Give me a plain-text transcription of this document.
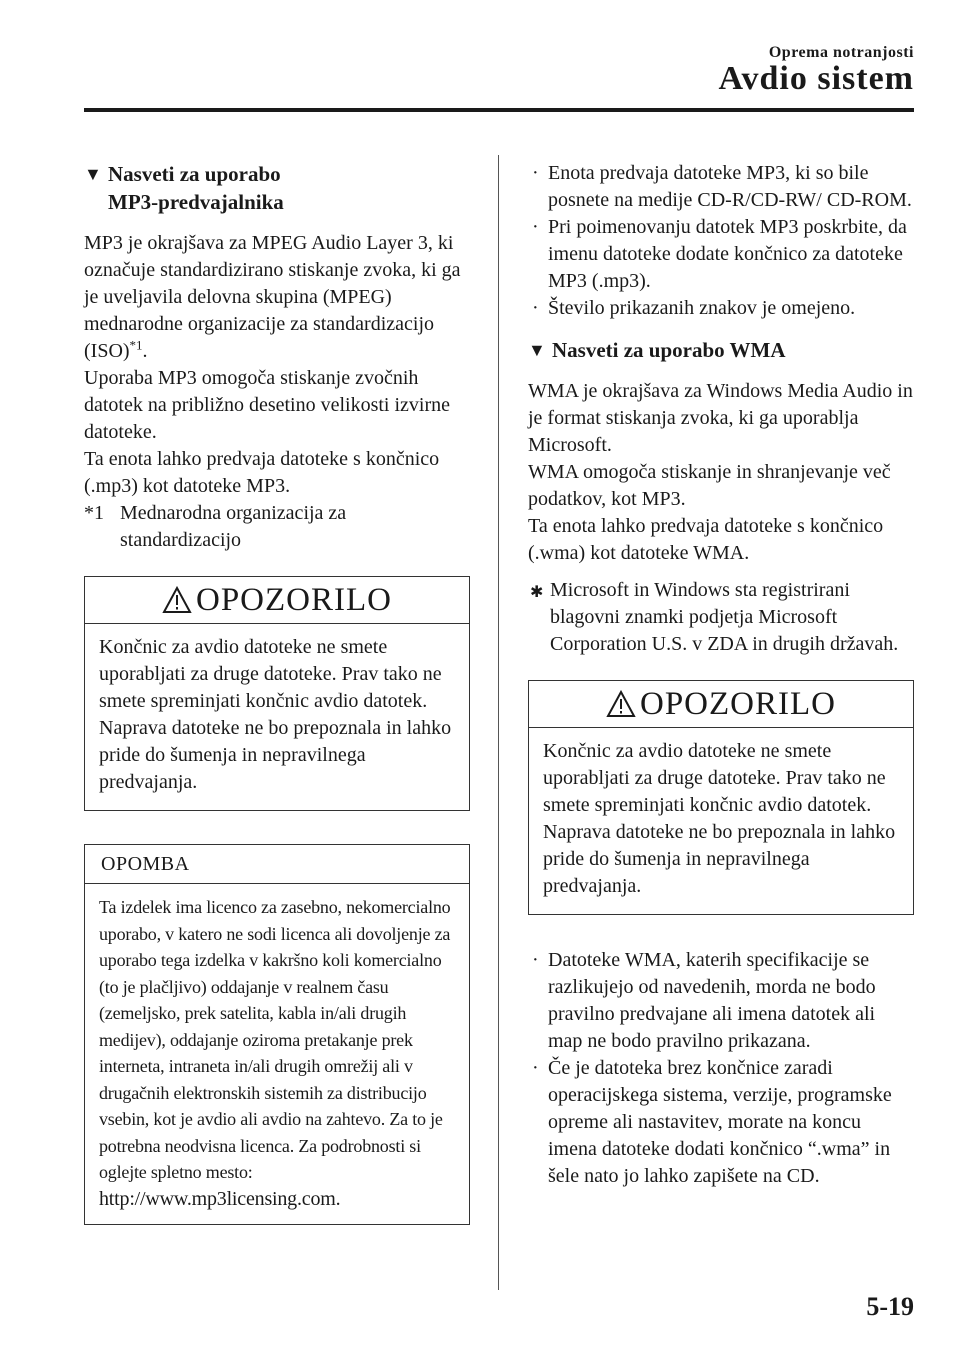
Oprema notranjosti
Avdio sistem
▼ Nasveti za uporabo
MP3-predvajalnika

MP3 je okrajšava za MPEG Audio Layer 3, ki označuje standardizirano stiskanje zvoka, ki ga je uveljavila delovna skupina (MPEG) mednarodne organizacije za standardizacijo (ISO)$^{*1}$.

Uporaba MP3 omogoča stiskanje zvočnih datotek na približno desetino velikosti izvirne datoteke.

Ta enota lahko predvaja datoteke s končnico (.mp3) kot datoteke MP3.

*1 Mednarodna organizacija za standardizacijo
OPOZORILO
Končnic za avdio datoteke ne smete uporabljati za druge datoteke. Prav tako ne smete spreminjati končnic avdio datotek. Naprava datoteke ne bo prepoznala in lahko pride do šumenja in nepravilnega predvajanja.
OPOMBA
Ta izdelek ima licenco za zasebno, nekomercialno uporabo, v katero ne sodi licenca ali dovoljenje za uporabo tega izdelka v kakršno koli komercialno (to je plačljivo) oddajanje v realnem času (zemeljsko, prek satelita, kabla in/ali drugih medijev), oddajanje oziroma pretakanje prek interneta, intraneta in/ali drugih omrežij ali v drugačnih elektronskih sistemih za distribucijo vsebin, kot je avdio ali avdio na zahtevo. Za to je potrebna neodvisna licenca. Za podrobnosti si oglejte spletno mesto:
http://www.mp3licensing.com.
· Enota predvaja datoteke MP3, ki so bile posnete na medije CD-R/CD-RW/ CD-ROM.
· Pri poimenovanju datotek MP3 poskrbite, da imenu datoteke dodate končnico za datoteke MP3 (.mp3).
· Število prikazanih znakov je omejeno.
▼ Nasveti za uporabo WMA

WMA je okrajšava za Windows Media Audio in je format stiskanja zvoka, ki ga uporablja Microsoft.

WMA omogoča stiskanje in shranjevanje več podatkov, kot MP3.

Ta enota lahko predvaja datoteke s končnico (.wma) kot datoteke WMA.

✱ Microsoft in Windows sta registrirani blagovni znamki podjetja Microsoft Corporation U.S. v ZDA in drugih državah.
OPOZORILO
Končnic za avdio datoteke ne smete uporabljati za druge datoteke. Prav tako ne smete spreminjati končnic avdio datotek. Naprava datoteke ne bo prepoznala in lahko pride do šumenja in nepravilnega predvajanja.
· Datoteke WMA, katerih specifikacije se razlikujejo od navedenih, morda ne bodo pravilno predvajane ali imena datotek ali map ne bodo pravilno prikazana.
· Če je datoteka brez končnice zaradi operacijskega sistema, verzije, programske opreme ali nastavitev, morate na koncu imena datoteke dodati končnico “.wma” in šele nato jo lahko zapišete na CD.
5-19
